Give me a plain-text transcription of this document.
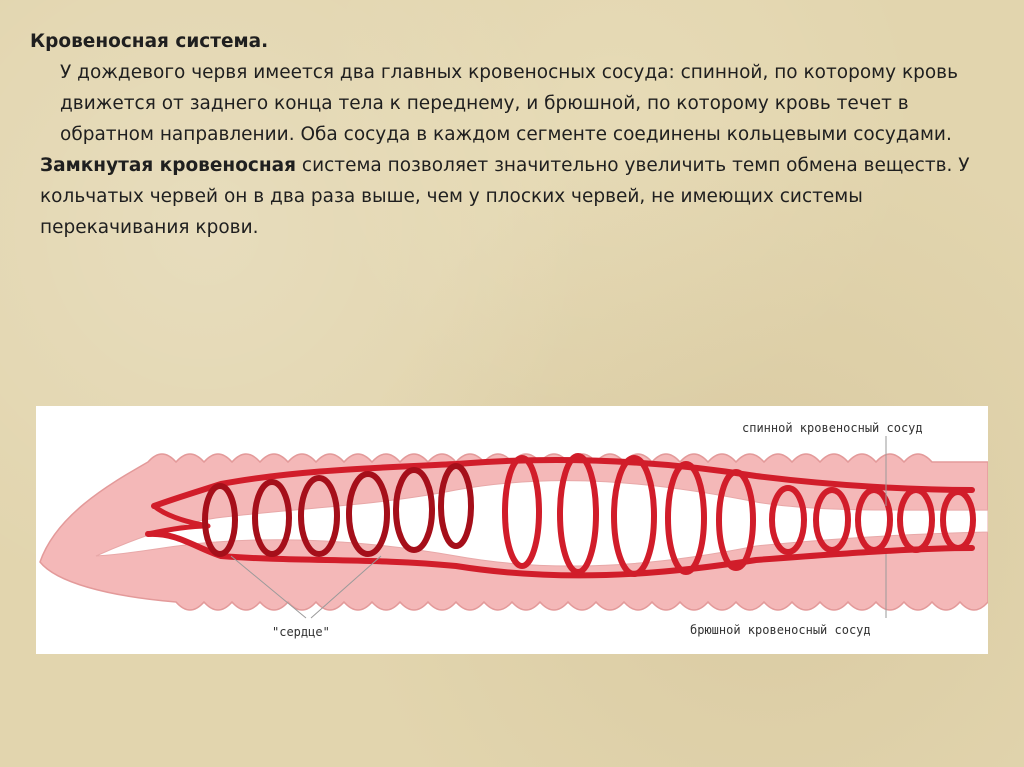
Кровеносная система.

У дождевого червя имеется два главных кровеносных сосуда: спинной, по которому кровь движется от заднего конца тела к переднему, и брюшной, по которому кровь течет в обратном направлении. Оба сосуда в каждом сегменте соединены кольцевыми сосудами.

Замкнутая кровеносная система позволяет значительно увеличить темп обмена веществ. У кольчатых червей он в два раза выше, чем у плоских червей, не имеющих системы перекачивания крови.

спинной кровеносный сосуд
брюшной кровеносный сосуд
"сердце"
